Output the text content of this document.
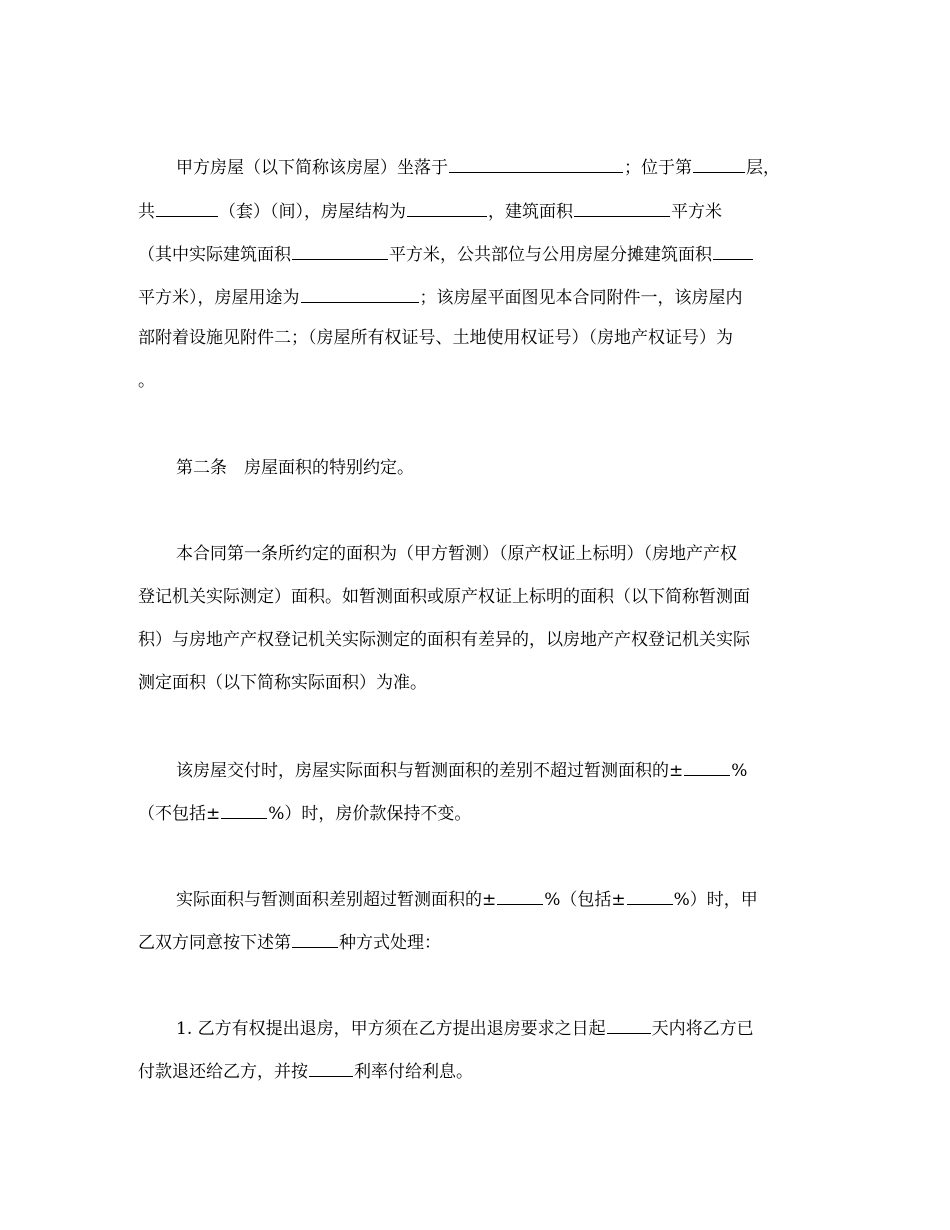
甲方房屋（以下简称该房屋）坐落于	；位于第	层，
共	（套）（间），房屋结构为	，建筑面积	平方米
（其中实际建筑面积	平方米，公共部位与公用房屋分摊建筑面积
平方米），房屋用途为	；该房屋平面图见本合同附件一，该房屋内
部附着设施见附件二；（房屋所有权证号、土地使用权证号）（房地产权证号）为
。
第二条　房屋面积的特别约定。
本合同第一条所约定的面积为（甲方暂测）（原产权证上标明）（房地产产权
登记机关实际测定）面积。如暂测面积或原产权证上标明的面积（以下简称暂测面
积）与房地产产权登记机关实际测定的面积有差异的，以房地产产权登记机关实际
测定面积（以下简称实际面积）为准。
该房屋交付时，房屋实际面积与暂测面积的差别不超过暂测面积的±	%
（不包括±	%）时，房价款保持不变。
实际面积与暂测面积差别超过暂测面积的±	%（包括±	%）时，甲
乙双方同意按下述第	种方式处理：
1. 乙方有权提出退房，甲方须在乙方提出退房要求之日起	天内将乙方已
付款退还给乙方，并按	利率付给利息。
